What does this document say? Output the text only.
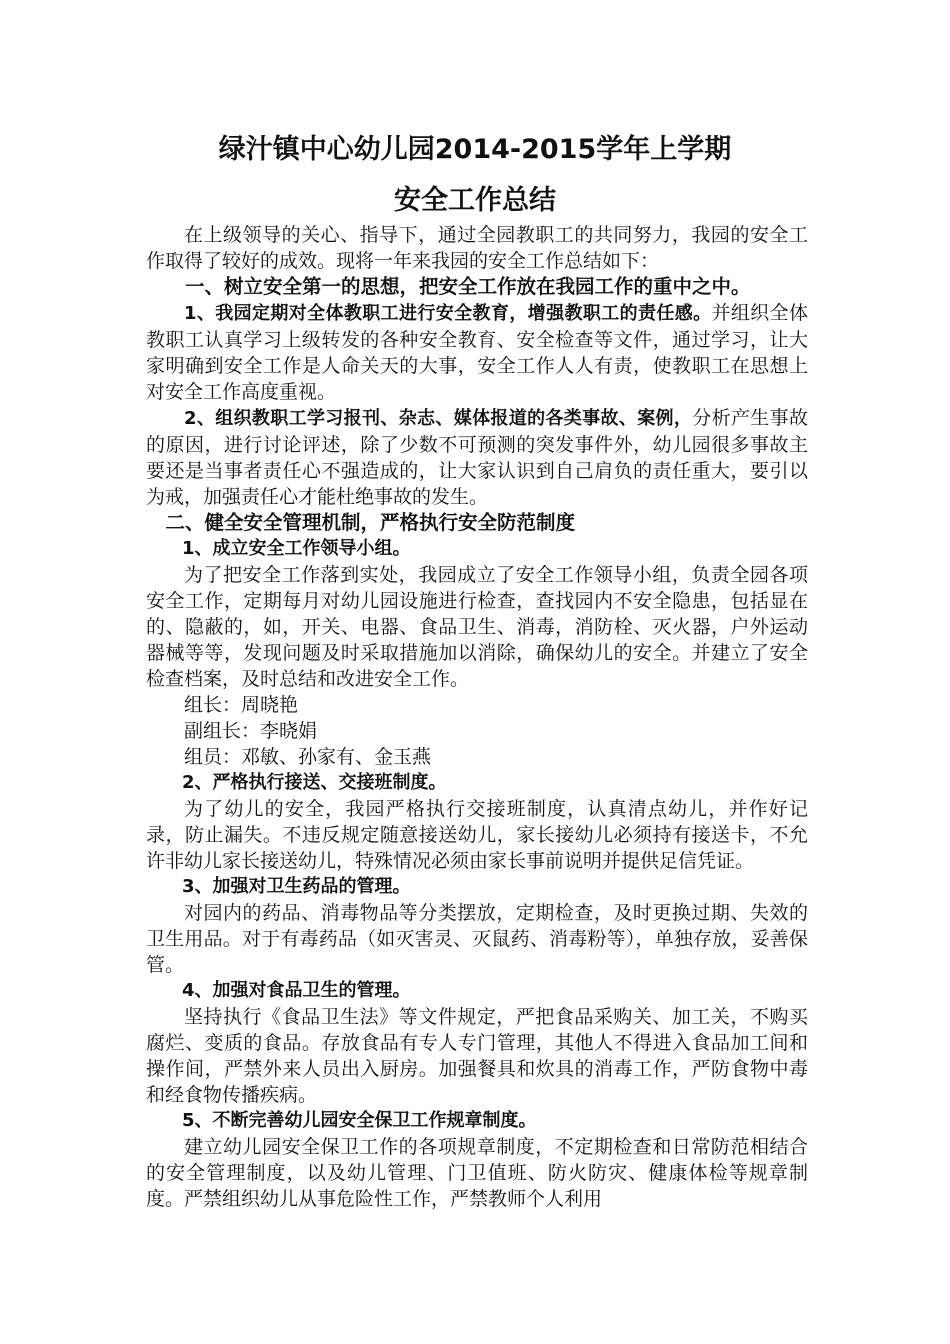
绿汁镇中心幼儿园2014-2015学年上学期
安全工作总结

在上级领导的关心、指导下，通过全园教职工的共同努力，我园的安全工作取得了较好的成效。现将一年来我园的安全工作总结如下：

一、树立安全第一的思想，把安全工作放在我园工作的重中之中。

1、我园定期对全体教职工进行安全教育，增强教职工的责任感。并组织全体教职工认真学习上级转发的各种安全教育、安全检查等文件，通过学习，让大家明确到安全工作是人命关天的大事，安全工作人人有责，使教职工在思想上对安全工作高度重视。

2、组织教职工学习报刊、杂志、媒体报道的各类事故、案例，分析产生事故的原因，进行讨论评述，除了少数不可预测的突发事件外，幼儿园很多事故主要还是当事者责任心不强造成的，让大家认识到自己肩负的责任重大，要引以为戒，加强责任心才能杜绝事故的发生。

二、健全安全管理机制，严格执行安全防范制度

1、成立安全工作领导小组。

为了把安全工作落到实处，我园成立了安全工作领导小组，负责全园各项安全工作，定期每月对幼儿园设施进行检查，查找园内不安全隐患，包括显在的、隐蔽的，如，开关、电器、食品卫生、消毒，消防栓、灭火器，户外运动器械等等，发现问题及时采取措施加以消除，确保幼儿的安全。并建立了安全检查档案，及时总结和改进安全工作。

组长：周晓艳

副组长：李晓娟

组员：邓敏、孙家有、金玉燕

2、严格执行接送、交接班制度。

为了幼儿的安全，我园严格执行交接班制度，认真清点幼儿，并作好记录，防止漏失。不违反规定随意接送幼儿，家长接幼儿必须持有接送卡，不允许非幼儿家长接送幼儿，特殊情况必须由家长事前说明并提供足信凭证。

3、加强对卫生药品的管理。

对园内的药品、消毒物品等分类摆放，定期检查，及时更换过期、失效的卫生用品。对于有毒药品（如灭害灵、灭鼠药、消毒粉等），单独存放，妥善保管。

4、加强对食品卫生的管理。

坚持执行《食品卫生法》等文件规定，严把食品采购关、加工关，不购买腐烂、变质的食品。存放食品有专人专门管理，其他人不得进入食品加工间和操作间，严禁外来人员出入厨房。加强餐具和炊具的消毒工作，严防食物中毒和经食物传播疾病。

5、不断完善幼儿园安全保卫工作规章制度。

建立幼儿园安全保卫工作的各项规章制度，不定期检查和日常防范相结合的安全管理制度，以及幼儿管理、门卫值班、防火防灾、健康体检等规章制度。严禁组织幼儿从事危险性工作，严禁教师个人利用
